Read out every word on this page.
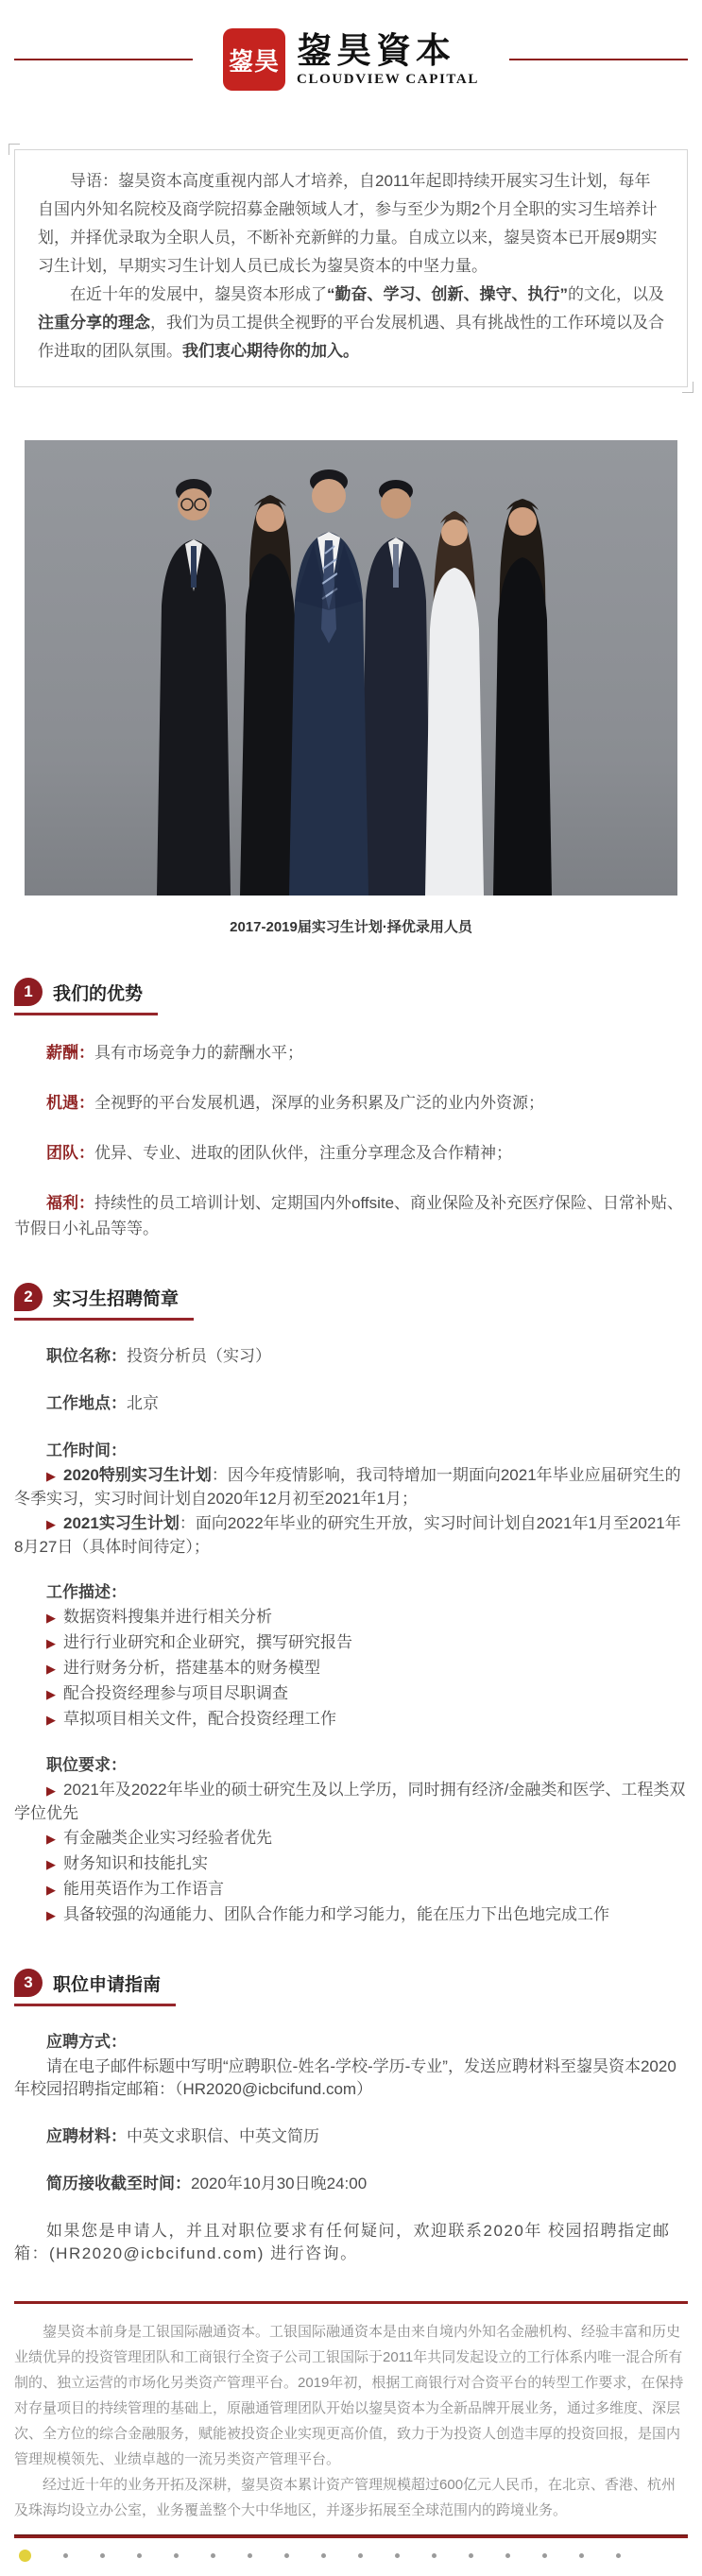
鋆昊 鋆昊資本
CLOUDVIEW CAPITAL

导语：鋆昊资本高度重视内部人才培养，自2011年起即持续开展实习生计划，每年自国内外知名院校及商学院招募金融领域人才，参与至少为期2个月全职的实习生培养计划，并择优录取为全职人员，不断补充新鲜的力量。自成立以来，鋆昊资本已开展9期实习生计划，早期实习生计划人员已成长为鋆昊资本的中坚力量。

在近十年的发展中，鋆昊资本形成了“勤奋、学习、创新、操守、执行”的文化，以及注重分享的理念，我们为员工提供全视野的平台发展机遇、具有挑战性的工作环境以及合作进取的团队氛围。我们衷心期待你的加入。

2017-2019届实习生计划·择优录用人员
1	我们的优势

薪酬：具有市场竞争力的薪酬水平；

机遇：全视野的平台发展机遇，深厚的业务积累及广泛的业内外资源；

团队：优异、专业、进取的团队伙伴，注重分享理念及合作精神；

福利：持续性的员工培训计划、定期国内外offsite、商业保险及补充医疗保险、日常补贴、节假日小礼品等等。

2	实习生招聘简章

职位名称：投资分析员（实习）

工作地点：北京

工作时间：

▶ 2020特别实习生计划：因今年疫情影响，我司特增加一期面向2021年毕业应届研究生的冬季实习，实习时间计划自2020年12月初至2021年1月；

▶ 2021实习生计划：面向2022年毕业的研究生开放，实习时间计划自2021年1月至2021年8月27日（具体时间待定）；

工作描述：

▶ 数据资料搜集并进行相关分析

▶ 进行行业研究和企业研究，撰写研究报告

▶ 进行财务分析，搭建基本的财务模型

▶ 配合投资经理参与项目尽职调查

▶ 草拟项目相关文件，配合投资经理工作

职位要求：

▶ 2021年及2022年毕业的硕士研究生及以上学历，同时拥有经济/金融类和医学、工程类双学位优先

▶ 有金融类企业实习经验者优先

▶ 财务知识和技能扎实

▶ 能用英语作为工作语言

▶ 具备较强的沟通能力、团队合作能力和学习能力，能在压力下出色地完成工作

3	职位申请指南

应聘方式：

请在电子邮件标题中写明“应聘职位-姓名-学校-学历-专业”，发送应聘材料至鋆昊资本2020年校园招聘指定邮箱：（HR2020@icbcifund.com）

应聘材料：中英文求职信、中英文简历

简历接收截至时间：2020年10月30日晚24:00

如果您是申请人，并且对职位要求有任何疑问，欢迎联系2020年 校园招聘指定邮箱：(HR2020@icbcifund.com) 进行咨询。

鋆昊资本前身是工银国际融通资本。工银国际融通资本是由来自境内外知名金融机构、经验丰富和历史业绩优异的投资管理团队和工商银行全资子公司工银国际于2011年共同发起设立的工行体系内唯一混合所有制的、独立运营的市场化另类资产管理平台。2019年初，根据工商银行对合资平台的转型工作要求，在保持对存量项目的持续管理的基础上，原融通管理团队开始以鋆昊资本为全新品牌开展业务，通过多维度、深层次、全方位的综合金融服务，赋能被投资企业实现更高价值，致力于为投资人创造丰厚的投资回报，是国内管理规模领先、业绩卓越的一流另类资产管理平台。

经过近十年的业务开拓及深耕，鋆昊资本累计资产管理规模超过600亿元人民币，在北京、香港、杭州及珠海均设立办公室，业务覆盖整个大中华地区，并逐步拓展至全球范围内的跨境业务。
